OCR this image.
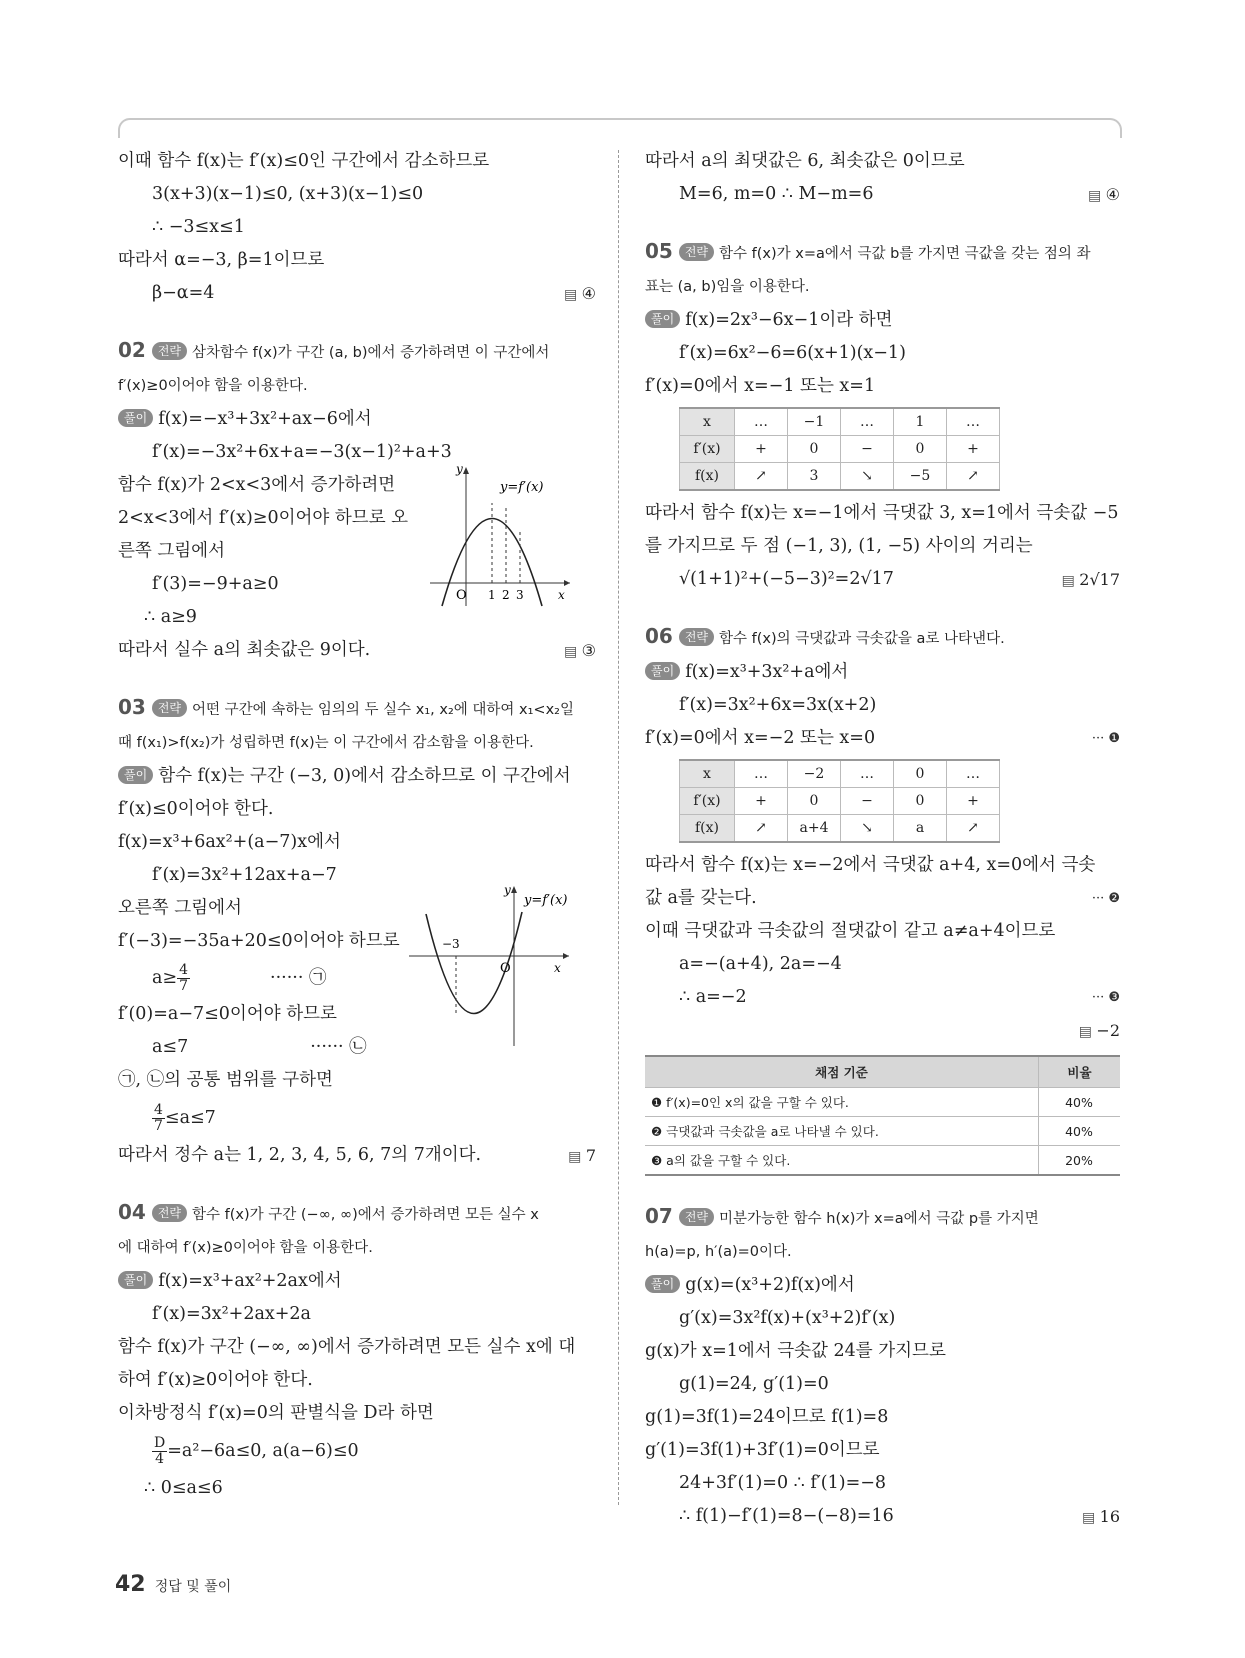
이때 함수 f(x)는 f′(x)≤0인 구간에서 감소하므로
3(x+3)(x−1)≤0, (x+3)(x−1)≤0
∴ −3≤x≤1
따라서 α=−3, β=1이므로
β−α=4	▤ ④
02 전략 삼차함수 f(x)가 구간 (a, b)에서 증가하려면 이 구간에서
f′(x)≥0이어야 함을 이용한다.
풀이 f(x)=−x³+3x²+ax−6에서
f′(x)=−3x²+6x+a=−3(x−1)²+a+3
함수 f(x)가 2<x<3에서 증가하려면
2<x<3에서 f′(x)≥0이어야 하므로 오
른쪽 그림에서
f′(3)=−9+a≥0
∴ a≥9
y
y=f′(x)
O 1 2 3	x
따라서 실수 a의 최솟값은 9이다.	▤ ③
03 전략 어떤 구간에 속하는 임의의 두 실수 x₁, x₂에 대하여 x₁<x₂일
때 f(x₁)>f(x₂)가 성립하면 f(x)는 이 구간에서 감소함을 이용한다.
풀이 함수 f(x)는 구간 (−3, 0)에서 감소하므로 이 구간에서
f′(x)≤0이어야 한다.
f(x)=x³+6ax²+(a−7)x에서
f′(x)=3x²+12ax+a−7
오른쪽 그림에서
f′(−3)=−35a+20≤0이어야 하므로
$a\ge \frac{4}{7}$	······ ㉠
f′(0)=a−7≤0이어야 하므로
a≤7	······ ㉡
y
y=f′(x)
−3
O	x
㉠, ㉡의 공통 범위를 구하면
$\frac{4}{7} \le a\le 7$
따라서 정수 a는 1, 2, 3, 4, 5, 6, 7의 7개이다.	▤ 7
04 전략 함수 f(x)가 구간 (−∞, ∞)에서 증가하려면 모든 실수 x
에 대하여 f′(x)≥0이어야 함을 이용한다.
풀이 f(x)=x³+ax²+2ax에서
f′(x)=3x²+2ax+2a
함수 f(x)가 구간 (−∞, ∞)에서 증가하려면 모든 실수 x에 대
하여 f′(x)≥0이어야 한다.
이차방정식 f′(x)=0의 판별식을 D라 하면
$\frac{D}{4} =a^2-6a\le 0$, a(a−6)≤0
∴ 0≤a≤6
따라서 a의 최댓값은 6, 최솟값은 0이므로
M=6, m=0 ∴ M−m=6	▤ ④
05 전략 함수 f(x)가 x=a에서 극값 b를 가지면 극값을 갖는 점의 좌
표는 (a, b)임을 이용한다.
풀이 f(x)=2x³−6x−1이라 하면
f′(x)=6x²−6=6(x+1)(x−1)
f′(x)=0에서 x=−1 또는 x=1
x	…	−1	…	1	…
f′(x)	+	0	−	0	+
f(x)	↗	3	↘	−5	↗
따라서 함수 f(x)는 x=−1에서 극댓값 3, x=1에서 극솟값 −5
를 가지므로 두 점 (−1, 3), (1, −5) 사이의 거리는
√(1+1)²+(−5−3)²=2√17	▤ 2√17
06 전략 함수 f(x)의 극댓값과 극솟값을 a로 나타낸다.
풀이 f(x)=x³+3x²+a에서
f′(x)=3x²+6x=3x(x+2)
f′(x)=0에서 x=−2 또는 x=0	··· ❶
x	…	−2	…	0	…
f′(x)	+	0	−	0	+
f(x)	↗	a+4	↘	a	↗
따라서 함수 f(x)는 x=−2에서 극댓값 a+4, x=0에서 극솟
값 a를 갖는다.	··· ❷
이때 극댓값과 극솟값의 절댓값이 같고 a≠a+4이므로
a=−(a+4), 2a=−4
∴ a=−2	··· ❸

▤ −2
채점 기준	비율
❶ f′(x)=0인 x의 값을 구할 수 있다.	40%
❷ 극댓값과 극솟값을 a로 나타낼 수 있다.	40%
❸ a의 값을 구할 수 있다.	20%
07 전략 미분가능한 함수 h(x)가 x=a에서 극값 p를 가지면
h(a)=p, h′(a)=0이다.
풀이 g(x)=(x³+2)f(x)에서
g′(x)=3x²f(x)+(x³+2)f′(x)
g(x)가 x=1에서 극솟값 24를 가지므로
g(1)=24, g′(1)=0
g(1)=3f(1)=24이므로 f(1)=8
g′(1)=3f(1)+3f′(1)=0이므로
24+3f′(1)=0 ∴ f′(1)=−8
∴ f(1)−f′(1)=8−(−8)=16	▤ 16
42 정답 및 풀이
